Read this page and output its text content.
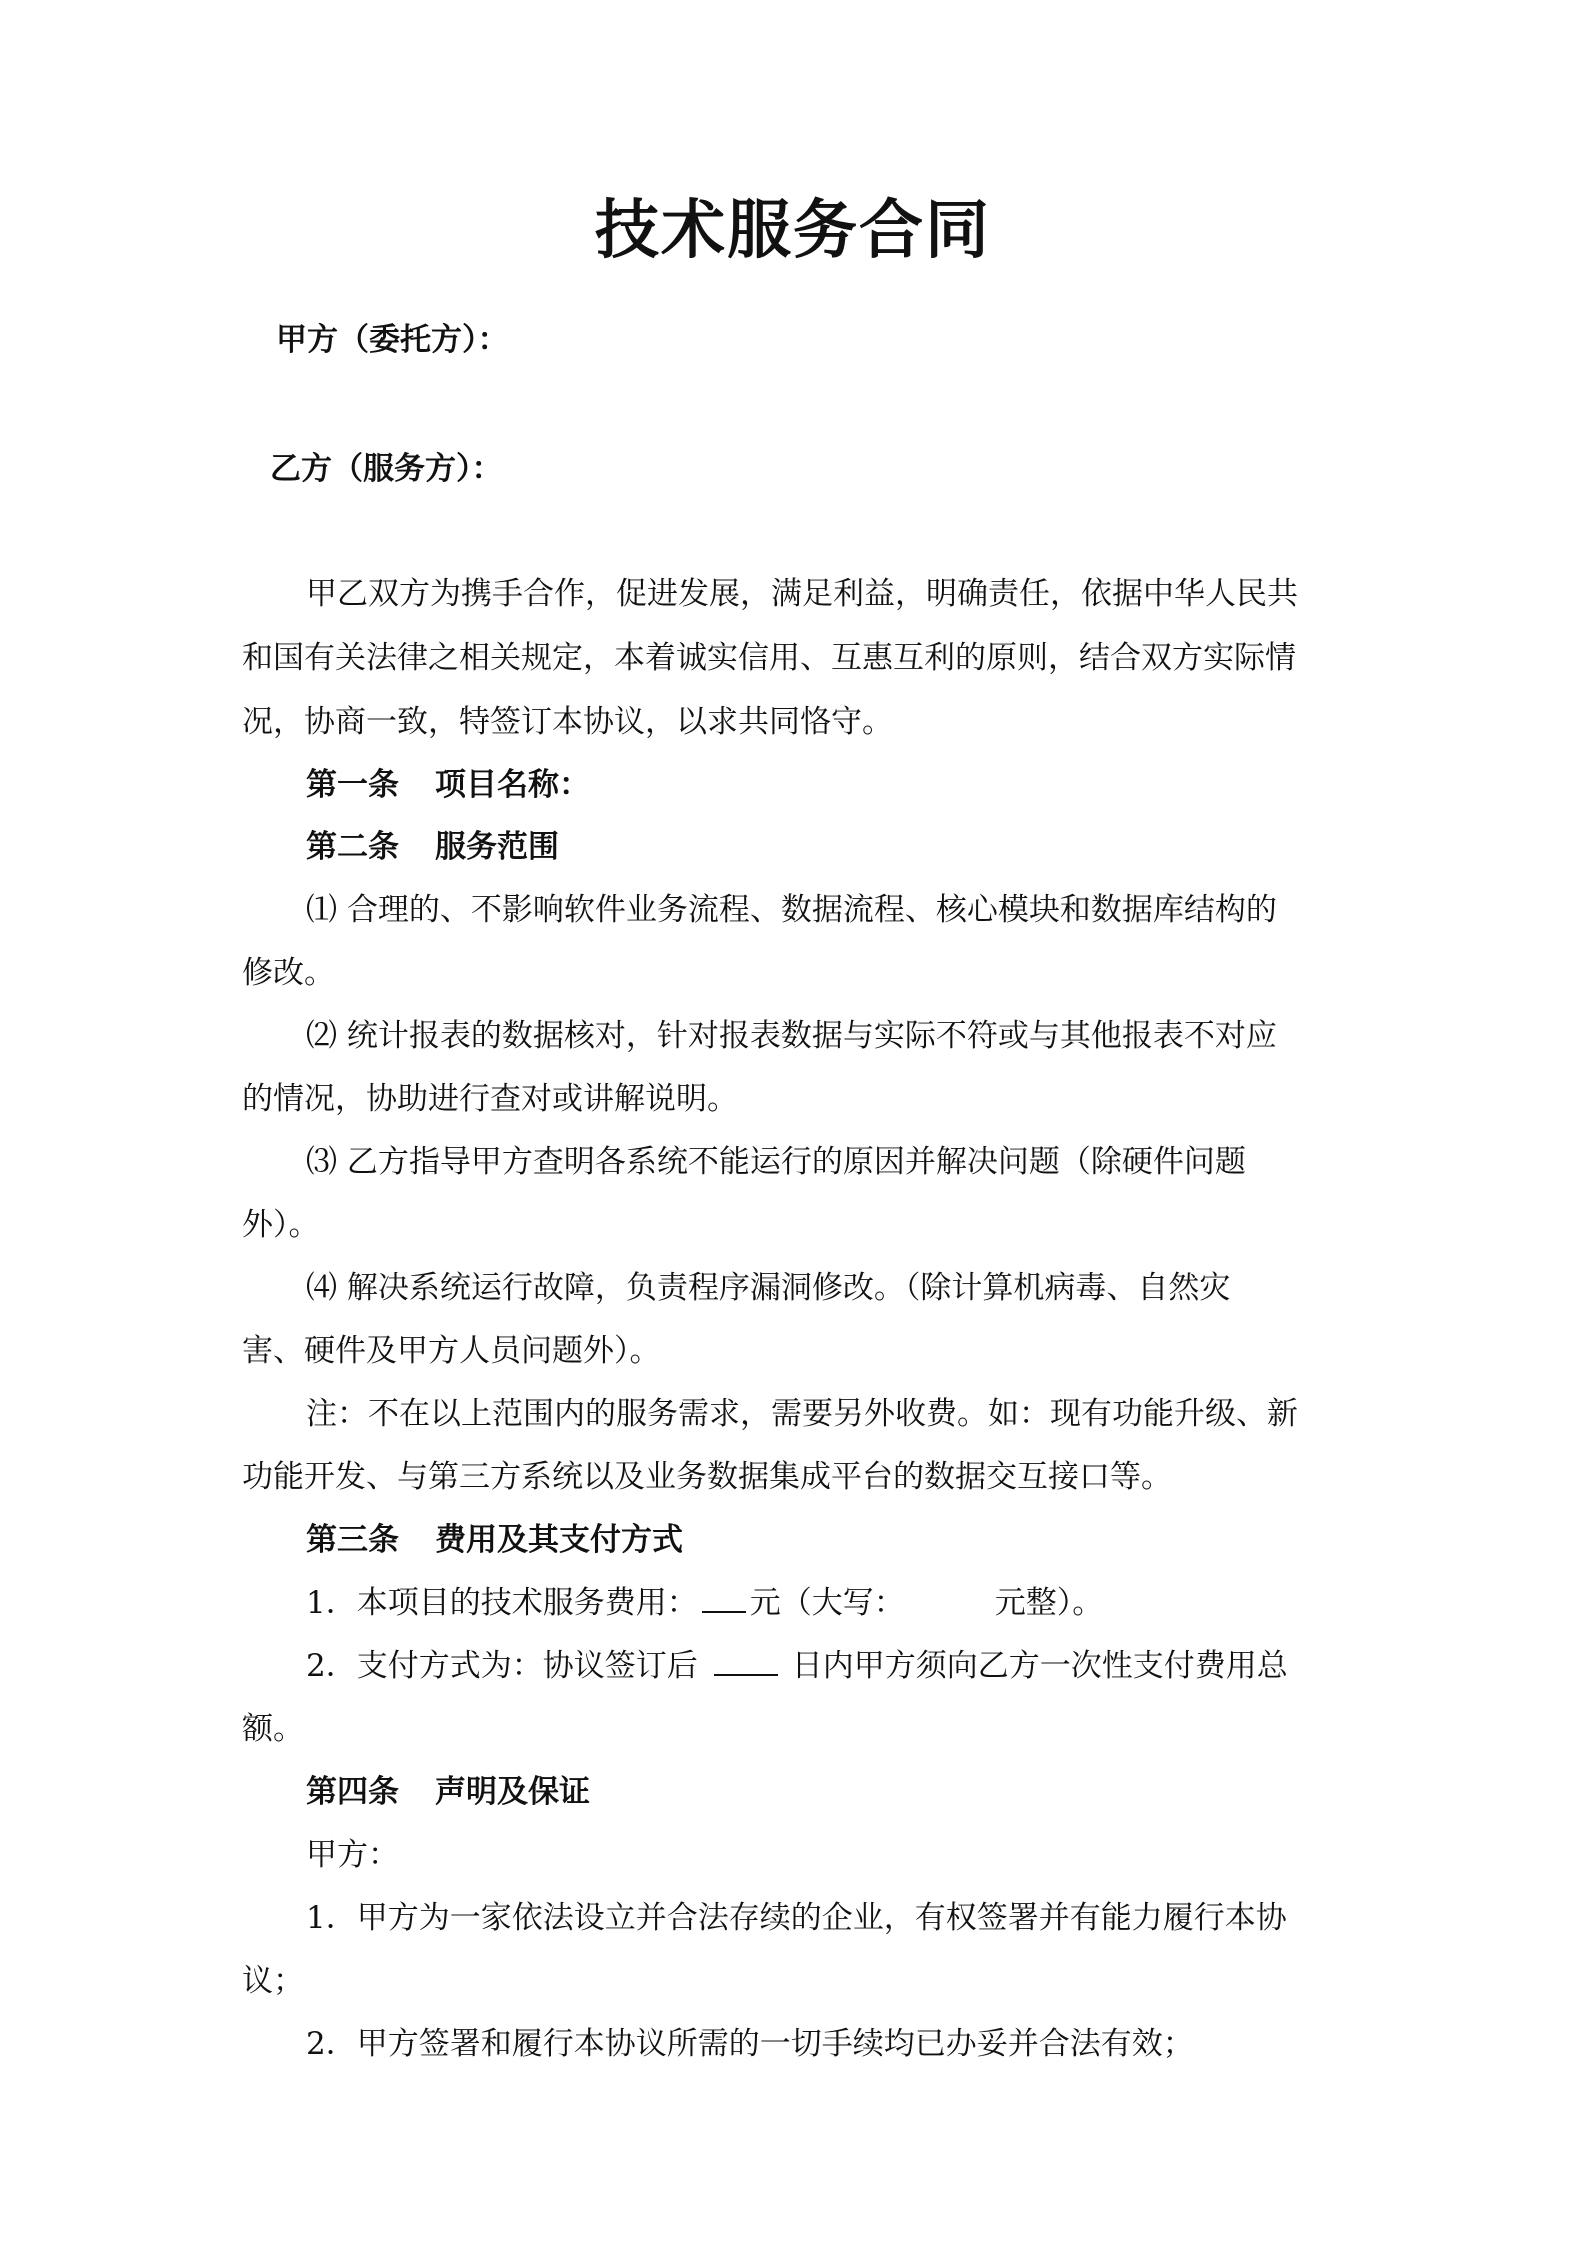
技术服务合同
甲方（委托方）：
乙方（服务方）：
甲乙双方为携手合作，促进发展，满足利益，明确责任，依据中华人民共
和国有关法律之相关规定，本着诚实信用、互惠互利的原则，结合双方实际情
况，协商一致，特签订本协议，以求共同恪守。
第一条 项目名称：
第二条 服务范围
⑴ 合理的、不影响软件业务流程、数据流程、核心模块和数据库结构的
修改。
⑵ 统计报表的数据核对，针对报表数据与实际不符或与其他报表不对应
的情况，协助进行查对或讲解说明。
⑶ 乙方指导甲方查明各系统不能运行的原因并解决问题（除硬件问题
外）。
⑷ 解决系统运行故障，负责程序漏洞修改。（除计算机病毒、自然灾
害、硬件及甲方人员问题外）。
注：不在以上范围内的服务需求，需要另外收费。如：现有功能升级、新
功能开发、与第三方系统以及业务数据集成平台的数据交互接口等。
第三条 费用及其支付方式
1．本项目的技术服务费用： 元（大写：	元整）。
2．支付方式为：协议签订后	日内甲方须向乙方一次性支付费用总
额。
第四条 声明及保证
甲方：
1．甲方为一家依法设立并合法存续的企业，有权签署并有能力履行本协
议；
2．甲方签署和履行本协议所需的一切手续均已办妥并合法有效；
